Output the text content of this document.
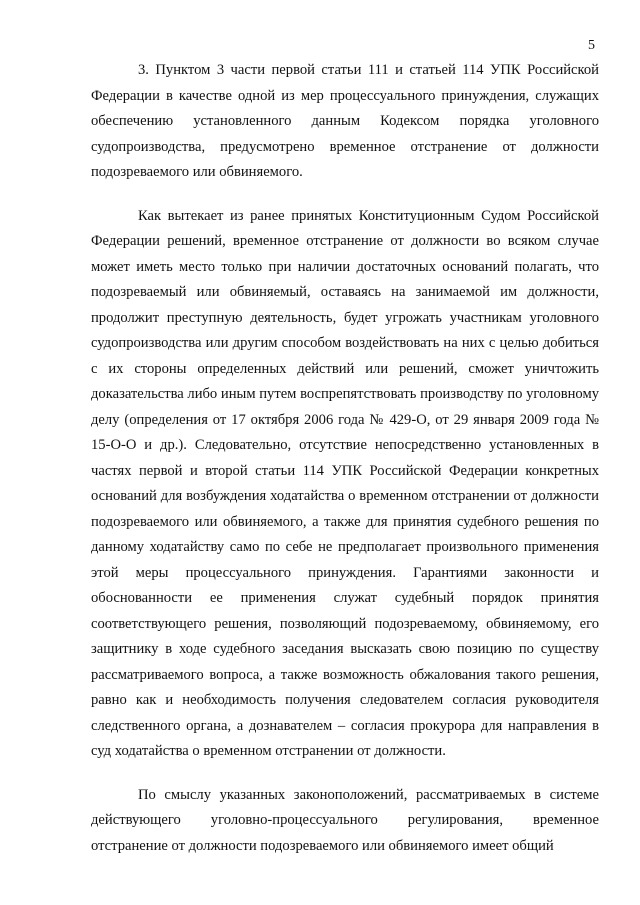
5

3. Пунктом 3 части первой статьи 111 и статьей 114 УПК Российской Федерации в качестве одной из мер процессуального принуждения, служащих обеспечению установленного данным Кодексом порядка уголовного судопроизводства, предусмотрено временное отстранение от должности подозреваемого или обвиняемого.

Как вытекает из ранее принятых Конституционным Судом Российской Федерации решений, временное отстранение от должности во всяком случае может иметь место только при наличии достаточных оснований полагать, что подозреваемый или обвиняемый, оставаясь на занимаемой им должности, продолжит преступную деятельность, будет угрожать участникам уголовного судопроизводства или другим способом воздействовать на них с целью добиться с их стороны определенных действий или решений, сможет уничтожить доказательства либо иным путем воспрепятствовать производству по уголовному делу (определения от 17 октября 2006 года № 429-О, от 29 января 2009 года № 15-О-О и др.). Следовательно, отсутствие непосредственно установленных в частях первой и второй статьи 114 УПК Российской Федерации конкретных оснований для возбуждения ходатайства о временном отстранении от должности подозреваемого или обвиняемого, а также для принятия судебного решения по данному ходатайству само по себе не предполагает произвольного применения этой меры процессуального принуждения. Гарантиями законности и обоснованности ее применения служат судебный порядок принятия соответствующего решения, позволяющий подозреваемому, обвиняемому, его защитнику в ходе судебного заседания высказать свою позицию по существу рассматриваемого вопроса, а также возможность обжалования такого решения, равно как и необходимость получения следователем согласия руководителя следственного органа, а дознавателем – согласия прокурора для направления в суд ходатайства о временном отстранении от должности.

По смыслу указанных законоположений, рассматриваемых в системе действующего уголовно-процессуального регулирования, временное отстранение от должности подозреваемого или обвиняемого имеет общий
